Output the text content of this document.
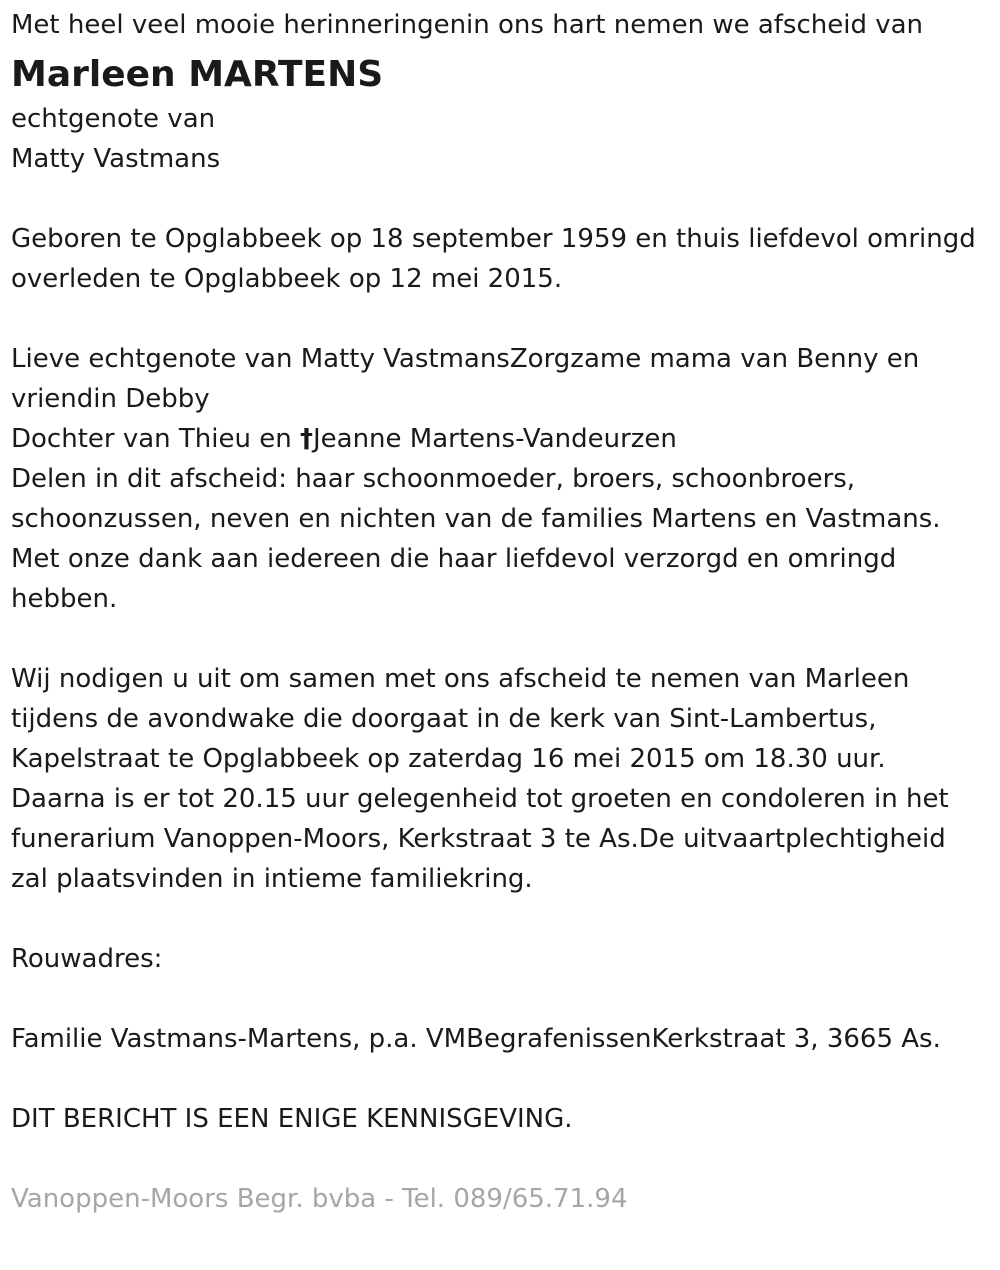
Met heel veel mooie herinneringenin ons hart nemen we afscheid van
Marleen MARTENS
echtgenote van
Matty Vastmans
Geboren te Opglabbeek op 18 september 1959 en thuis liefdevol omringd
overleden te Opglabbeek op 12 mei 2015.
Lieve echtgenote van Matty VastmansZorgzame mama van Benny en
vriendin Debby
Dochter van Thieu en †Jeanne Martens-Vandeurzen
Delen in dit afscheid: haar schoonmoeder, broers, schoonbroers,
schoonzussen, neven en nichten van de families Martens en Vastmans.
Met onze dank aan iedereen die haar liefdevol verzorgd en omringd
hebben.
Wij nodigen u uit om samen met ons afscheid te nemen van Marleen
tijdens de avondwake die doorgaat in de kerk van Sint-Lambertus,
Kapelstraat te Opglabbeek op zaterdag 16 mei 2015 om 18.30 uur.
Daarna is er tot 20.15 uur gelegenheid tot groeten en condoleren in het
funerarium Vanoppen-Moors, Kerkstraat 3 te As.De uitvaartplechtigheid
zal plaatsvinden in intieme familiekring.
Rouwadres:
Familie Vastmans-Martens, p.a. VMBegrafenissenKerkstraat 3, 3665 As.
DIT BERICHT IS EEN ENIGE KENNISGEVING.
Vanoppen-Moors Begr. bvba - Tel. 089/65.71.94
